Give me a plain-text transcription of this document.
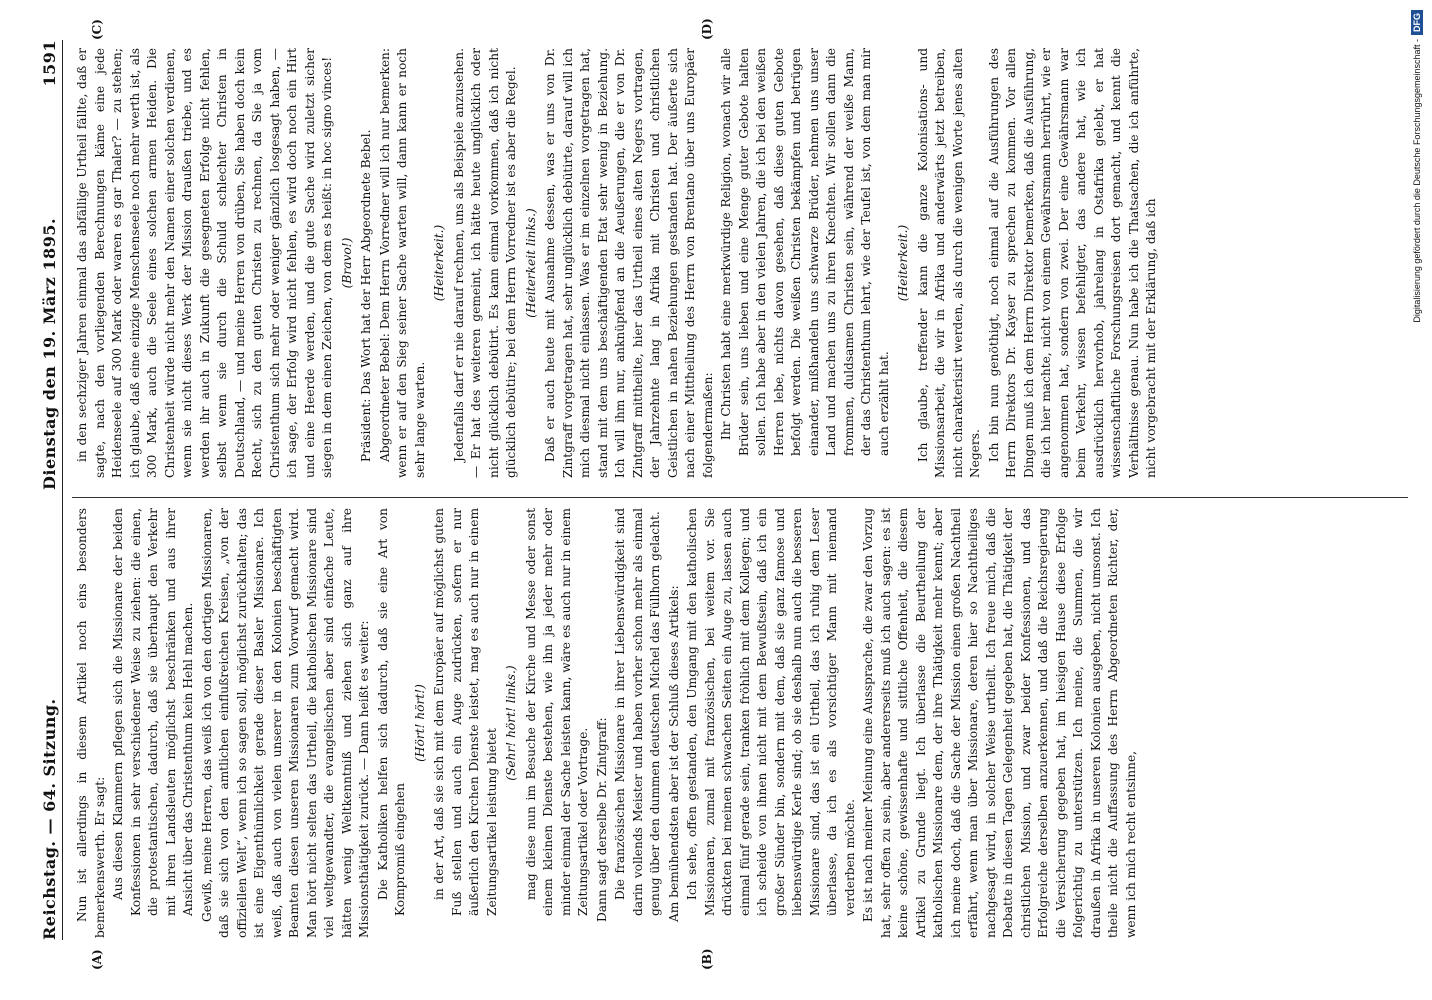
Reichstag. — 64. Sitzung.
Dienstag den 19. März 1895.
1591
(A)	(B)
(C)	(D)

Nun ist allerdings in diesem Artikel noch eins besonders bemerkenswerth. Er sagt: Aus diesen Klammern pflegen sich die Missionare der beiden Konfessionen in sehr verschiedener Weise zu ziehen: die einen, die protestantischen, dadurch, daß sie überhaupt den Verkehr mit ihren Landsleuten möglichst beschränken und aus ihrer Ansicht über das Christenthum kein Hehl machen. Gewiß, meine Herren, das weiß ich von den dortigen Missionaren, daß sie sich von den amtlichen einflußreichen Kreisen, „von der offiziellen Welt“, wenn ich so sagen soll, möglichst zurückhalten; das ist eine Eigenthümlichkeit gerade dieser Basler Missionare. Ich weiß, daß auch von vielen unserer in den Kolonien beschäftigten Beamten diesen unseren Missionaren zum Vorwurf gemacht wird. Man hört nicht selten das Urtheil, die katholischen Missionare sind viel weltgewandter, die evangelischen aber sind einfache Leute, hätten wenig Weltkenntniß und ziehen sich ganz auf ihre Missionsthätigkeit zurück. — Dann heißt es weiter: Die Katholiken helfen sich dadurch, daß sie eine Art von Kompromiß eingehen

(Hört! hört!) in der Art, daß sie sich mit dem Europäer auf möglichst guten Fuß stellen und auch ein Auge zudrücken, sofern er nur äußerlich den Kirchen Dienste leistet, mag es auch nur in einem Zeitungsartikel leistung bietet

(Sehr! hört! links.) mag diese nun im Besuche der Kirche und Messe oder sonst einem kleinen Dienste bestehen, wie ihn ja jeder mehr oder minder einmal der Sache leisten kann, wäre es auch nur in einem Zeitungsartikel oder Vortrage. Dann sagt derselbe Dr. Zintgraff: Die französischen Missionare in ihrer Liebenswürdigkeit sind darin vollends Meister und haben vorher schon mehr als einmal genug über den dummen deutschen Michel das Füllhorn gelacht. Am bemühendsten aber ist der Schluß dieses Artikels: Ich sehe, offen gestanden, den Umgang mit den katholischen Missionaren, zumal mit französischen, bei weitem vor. Sie drückten bei meinen schwachen Seiten ein Auge zu, lassen auch einmal fünf gerade sein, tranken fröhlich mit dem Kollegen; und ich scheide von ihnen nicht mit dem Bewußtsein, daß ich ein großer Sünder bin, sondern mit dem, daß sie ganz famose und liebenswürdige Kerle sind; ob sie deshalb nun auch die besseren Missionare sind, das ist ein Urtheil, das ich ruhig dem Leser überlasse, da ich es als vorsichtiger Mann mit niemand verderben möchte. Es ist nach meiner Meinung eine Aussprache, die zwar den Vorzug hat, sehr offen zu sein, aber andererseits muß ich auch sagen: es ist keine schöne, gewissenhafte und sittliche Offenheit, die diesem Artikel zu Grunde liegt. Ich überlasse die Beurtheilung der katholischen Missionare dem, der ihre Thätigkeit mehr kennt; aber ich meine doch, daß die Sache der Mission einen großen Nachtheil erfährt, wenn man über Missionare, deren hier so Nachtheiliges nachgesagt wird, in solcher Weise urtheilt. Ich freue mich, daß die Debatte in diesen Tagen Gelegenheit gegeben hat, die Thätigkeit der christlichen Mission, und zwar beider Konfessionen, und das Erfolgreiche derselben anzuerkennen, und daß die Reichsregierung die Versicherung gegeben hat, im hiesigen Hause diese Erfolge folgerichtig zu unterstützen. Ich meine, die Summen, die wir draußen in Afrika in unseren Kolonien ausgeben, nicht umsonst. Ich theile nicht die Auffassung des Herrn Abgeordneten Richter, der, wenn ich mich recht entsinne,

in den sechziger Jahren einmal das abfällige Urtheil fällte, daß er sagte, nach den vorliegenden Berechnungen käme eine jede Heidenseele auf 300 Mark oder waren es gar Thaler? — zu stehen; ich glaube, daß eine einzige Menschenseele noch mehr werth ist, als 300 Mark, auch die Seele eines solchen armen Heiden. Die Christenheit würde nicht mehr den Namen einer solchen verdienen, wenn sie nicht dieses Werk der Mission draußen triebe, und es werden ihr auch in Zukunft die gesegneten Erfolge nicht fehlen, selbst wenn sie durch die Schuld schlechter Christen in Deutschland, — und meine Herren von drüben, Sie haben doch kein Recht, sich zu den guten Christen zu rechnen, da Sie ja vom Christenthum sich mehr oder weniger gänzlich losgesagt haben, — ich sage, der Erfolg wird nicht fehlen, es wird doch noch ein Hirt und eine Heerde werden, und die gute Sache wird zuletzt sicher siegen in dem einen Zeichen, von dem es heißt: in hoc signo vinces! (Bravo!) Präsident: Das Wort hat der Herr Abgeordnete Bebel. Abgeordneter Bebel: Dem Herrn Vorredner will ich nur bemerken: wenn er auf den Sieg seiner Sache warten will, dann kann er noch sehr lange warten.

(Heiterkeit.) Jedenfalls darf er nie darauf rechnen, uns als Beispiele anzusehen. — Er hat des weiteren gemeint, ich hätte heute unglücklich oder nicht glücklich debütirt. Es kann einmal vorkommen, daß ich nicht glücklich debütire; bei dem Herrn Vorredner ist es aber die Regel. (Heiterkeit links.) Daß er auch heute mit Ausnahme dessen, was er uns von Dr. Zintgraff vorgetragen hat, sehr unglücklich debütirte, darauf will ich mich diesmal nicht einlassen. Was er im einzelnen vorgetragen hat, stand mit dem uns beschäftigenden Etat sehr wenig in Beziehung. Ich will ihm nur, anknüpfend an die Aeußerungen, die er von Dr. Zintgraff mittheilte, hier das Urtheil eines alten Negers vortragen, der Jahrzehnte lang in Afrika mit Christen und christlichen Geistlichen in nahen Beziehungen gestanden hat. Der äußerte sich nach einer Mittheilung des Herrn von Brentano über uns Europäer folgendermaßen: Ihr Christen habt eine merkwürdige Religion, wonach wir alle Brüder sein, uns lieben und eine Menge guter Gebote halten sollen. Ich habe aber in den vielen Jahren, die ich bei den weißen Herren lebe, nichts davon gesehen, daß diese guten Gebote befolgt werden. Die weißen Christen bekämpfen und betrügen einander, mißhandeln uns schwarze Brüder, nehmen uns unser Land und machen uns zu ihren Knechten. Wir sollen dann die frommen, duldsamen Christen sein, während der weiße Mann, der das Christenthum lehrt, wie der Teufel ist, von dem man mir auch erzählt hat.

(Heiterkeit.) Ich glaube, treffender kann die ganze Kolonisations- und Missionsarbeit, die wir in Afrika und anderwärts jetzt betreiben, nicht charakterisirt werden, als durch die wenigen Worte jenes alten Negers. Ich bin nun genöthigt, noch einmal auf die Ausführungen des Herrn Direktors Dr. Kayser zu sprechen zu kommen. Vor allen Dingen muß ich dem Herrn Direktor bemerken, daß die Ausführung, die ich hier machte, nicht von einem Gewährsmann herrührt, wie er angenommen hat, sondern von zwei. Der eine Gewährsmann war beim Verkehr, wissen befehligter, das andere hat, wie ich ausdrücklich hervorhob, jahrelang in Ostafrika gelebt, er hat wissenschaftliche Forschungsreisen dort gemacht, und kennt die Verhältnisse genau. Nun habe ich die Thatsachen, die ich anführte, nicht vorgebracht mit der Erklärung, daß ich

Digitalisierung gefördert durch die Deutsche Forschungsgemeinschaft -DFG
